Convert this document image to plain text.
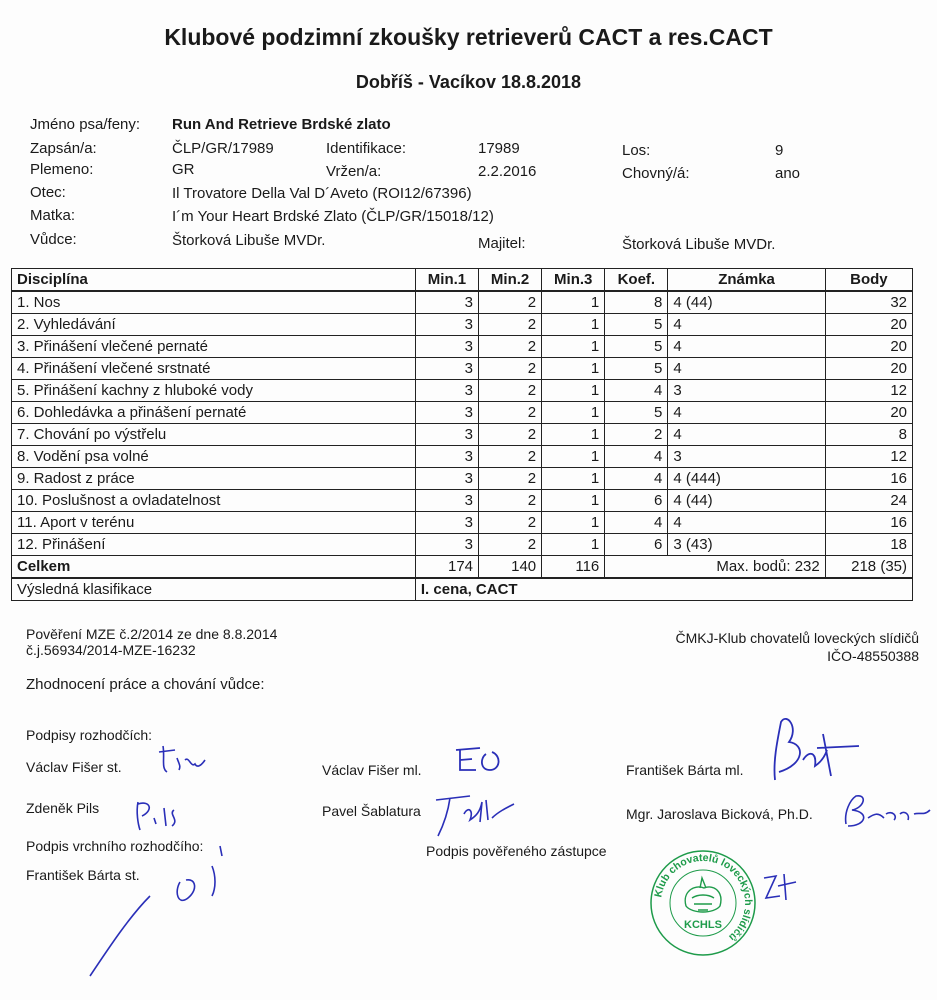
Klubové podzimní zkoušky retrieverů CACT a res.CACT
Dobříš - Vacíkov 18.8.2018
Jméno psa/feny: Run And Retrieve Brdské zlato
Zapsán/a:	ČLP/GR/17989	Identifikace:	17989	Los:	9
Plemeno:	GR	Vržen/a:	2.2.2016	Chovný/á:	ano
Otec:	Il Trovatore Della Val D´Aveto (ROI12/67396)
Matka:	I´m Your Heart Brdské Zlato (ČLP/GR/15018/12)
Vůdce:	Štorková Libuše MVDr.	Majitel:	Štorková Libuše MVDr.
Disciplína	Min.1	Min.2	Min.3	Koef.	Známka	Body
1. Nos	3	2	1	8	4 (44)	32
2. Vyhledávání	3	2	1	5	4	20
3. Přinášení vlečené pernaté	3	2	1	5	4	20
4. Přinášení vlečené srstnaté	3	2	1	5	4	20
5. Přinášení kachny z hluboké vody	3	2	1	4	3	12
6. Dohledávka a přinášení pernaté	3	2	1	5	4	20
7. Chování po výstřelu	3	2	1	2	4	8
8. Vodění psa volné	3	2	1	4	3	12
9. Radost z práce	3	2	1	4	4 (444)	16
10. Poslušnost a ovladatelnost	3	2	1	6	4 (44)	24
11. Aport v terénu	3	2	1	4	4	16
12. Přinášení	3	2	1	6	3 (43)	18
Celkem	174	140	116	Max. bodů: 232		218 (35)
Výsledná klasifikace	I. cena, CACT					
Pověření MZE č.2/2014 ze dne 8.8.2014
č.j.56934/2014-MZE-16232
ČMKJ-Klub chovatelů loveckých slídičů
IČO-48550388
Zhodnocení práce a chování vůdce:
Podpisy rozhodčích:
Václav Fišer st.	Václav Fišer ml.	František Bárta ml.
Zdeněk Pils	Pavel Šablatura	Mgr. Jaroslava Bicková, Ph.D.
Podpis vrchního rozhodčího:	Podpis pověřeného zástupce
František Bárta st.
Klub chovatelů loveckých slídičů
KCHLS
